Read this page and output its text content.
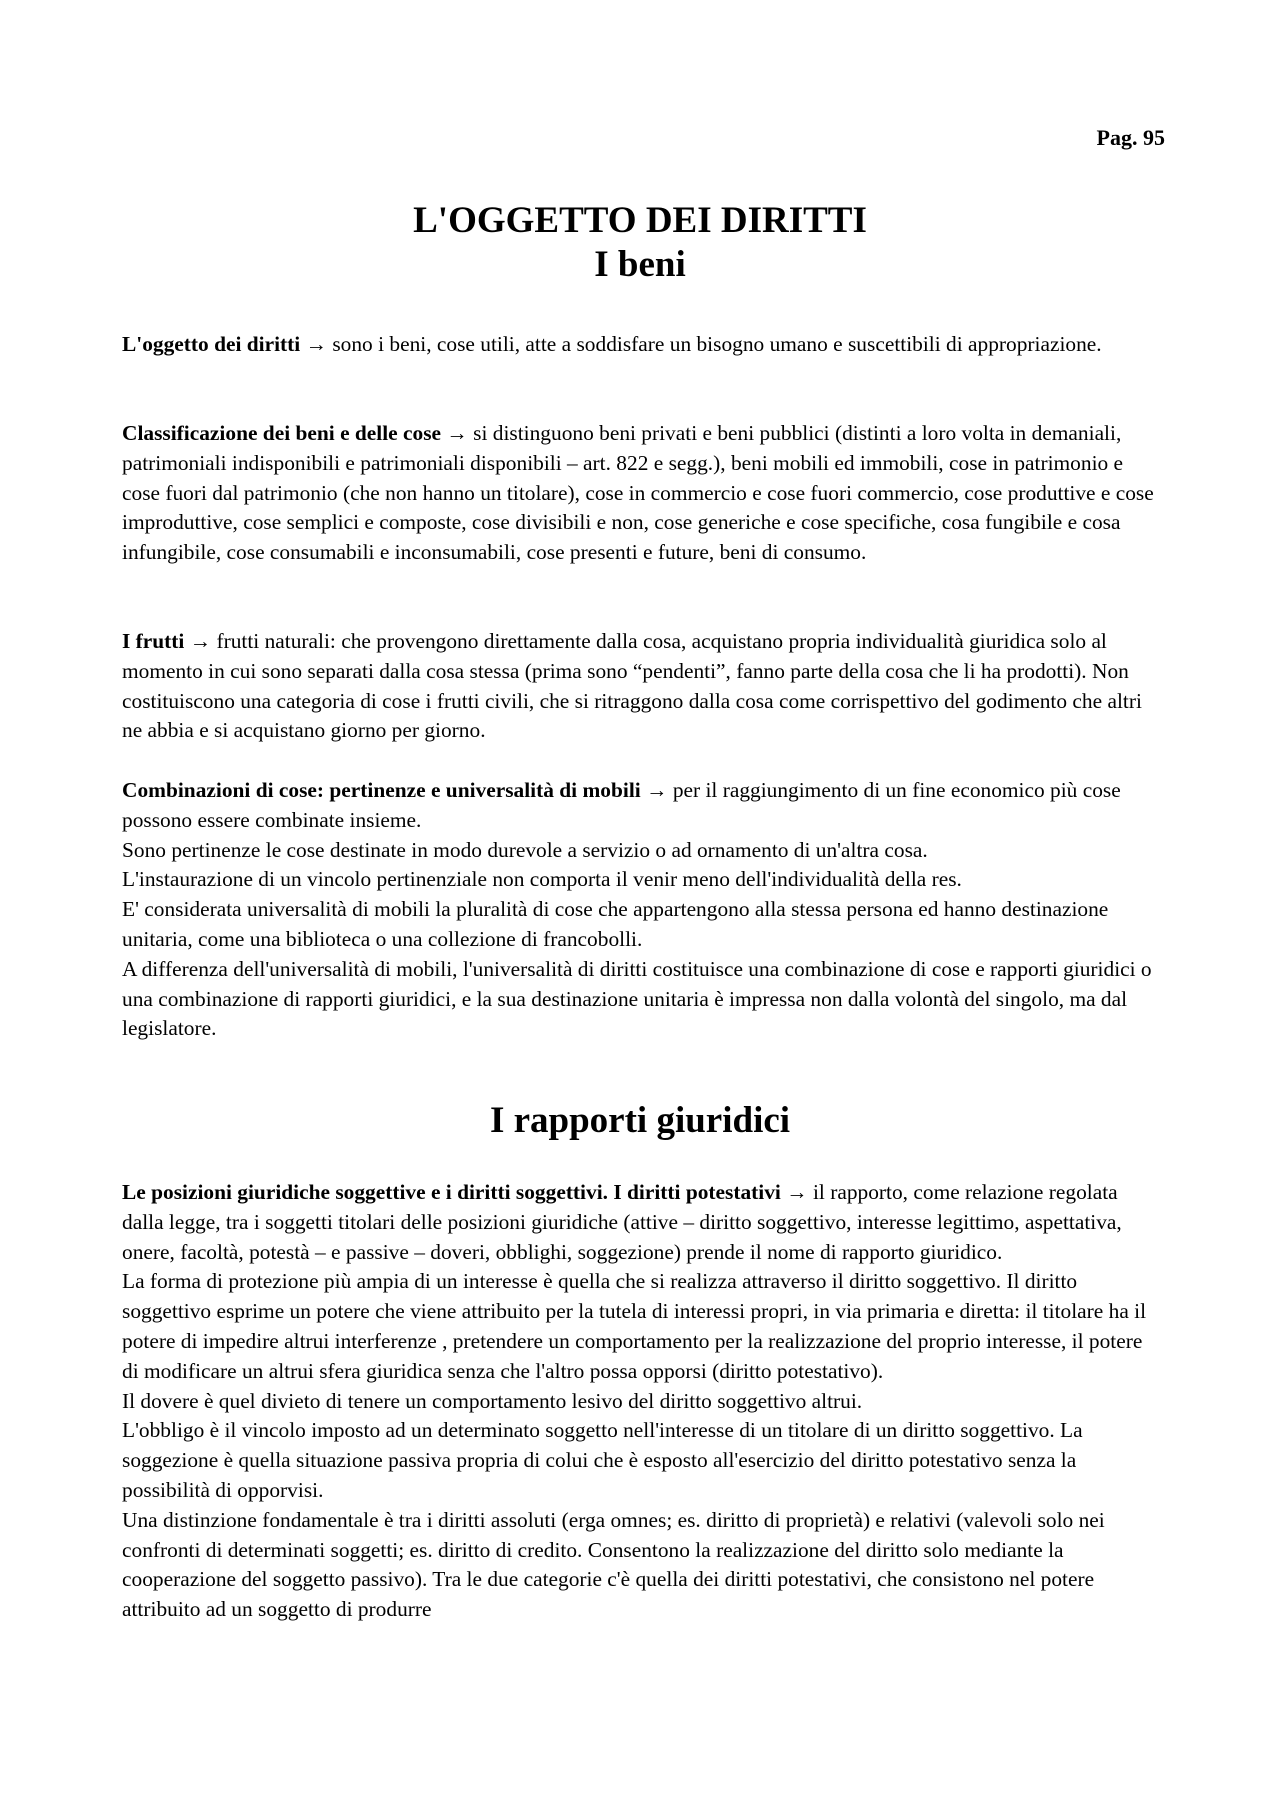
Pag. 95
L'OGGETTO DEI DIRITTI
I beni

L'oggetto dei diritti → sono i beni, cose utili, atte a soddisfare un bisogno umano e suscettibili di appropriazione.

Classificazione dei beni e delle cose → si distinguono beni privati e beni pubblici (distinti a loro volta in demaniali, patrimoniali indisponibili e patrimoniali disponibili – art. 822 e segg.), beni mobili ed immobili, cose in patrimonio e cose fuori dal patrimonio (che non hanno un titolare), cose in commercio e cose fuori commercio, cose produttive e cose improduttive, cose semplici e composte, cose divisibili e non, cose generiche e cose specifiche, cosa fungibile e cosa infungibile, cose consumabili e inconsumabili, cose presenti e future, beni di consumo.

I frutti → frutti naturali: che provengono direttamente dalla cosa, acquistano propria individualità giuridica solo al momento in cui sono separati dalla cosa stessa (prima sono “pendenti”, fanno parte della cosa che li ha prodotti). Non costituiscono una categoria di cose i frutti civili, che si ritraggono dalla cosa come corrispettivo del godimento che altri ne abbia e si acquistano giorno per giorno.

Combinazioni di cose: pertinenze e universalità di mobili → per il raggiungimento di un fine economico più cose possono essere combinate insieme.

Sono pertinenze le cose destinate in modo durevole a servizio o ad ornamento di un'altra cosa.

L'instaurazione di un vincolo pertinenziale non comporta il venir meno dell'individualità della res.

E' considerata universalità di mobili la pluralità di cose che appartengono alla stessa persona ed hanno destinazione unitaria, come una biblioteca o una collezione di francobolli.

A differenza dell'universalità di mobili, l'universalità di diritti costituisce una combinazione di cose e rapporti giuridici o una combinazione di rapporti giuridici, e la sua destinazione unitaria è impressa non dalla volontà del singolo, ma dal legislatore.

I rapporti giuridici

Le posizioni giuridiche soggettive e i diritti soggettivi. I diritti potestativi → il rapporto, come relazione regolata dalla legge, tra i soggetti titolari delle posizioni giuridiche (attive – diritto soggettivo, interesse legittimo, aspettativa, onere, facoltà, potestà – e passive – doveri, obblighi, soggezione) prende il nome di rapporto giuridico.

La forma di protezione più ampia di un interesse è quella che si realizza attraverso il diritto soggettivo. Il diritto soggettivo esprime un potere che viene attribuito per la tutela di interessi propri, in via primaria e diretta: il titolare ha il potere di impedire altrui interferenze , pretendere un comportamento per la realizzazione del proprio interesse, il potere di modificare un altrui sfera giuridica senza che l'altro possa opporsi (diritto potestativo).

Il dovere è quel divieto di tenere un comportamento lesivo del diritto soggettivo altrui.

L'obbligo è il vincolo imposto ad un determinato soggetto nell'interesse di un titolare di un diritto soggettivo. La soggezione è quella situazione passiva propria di colui che è esposto all'esercizio del diritto potestativo senza la possibilità di opporvisi.

Una distinzione fondamentale è tra i diritti assoluti (erga omnes; es. diritto di proprietà) e relativi (valevoli solo nei confronti di determinati soggetti; es. diritto di credito. Consentono la realizzazione del diritto solo mediante la cooperazione del soggetto passivo). Tra le due categorie c'è quella dei diritti potestativi, che consistono nel potere attribuito ad un soggetto di produrre
